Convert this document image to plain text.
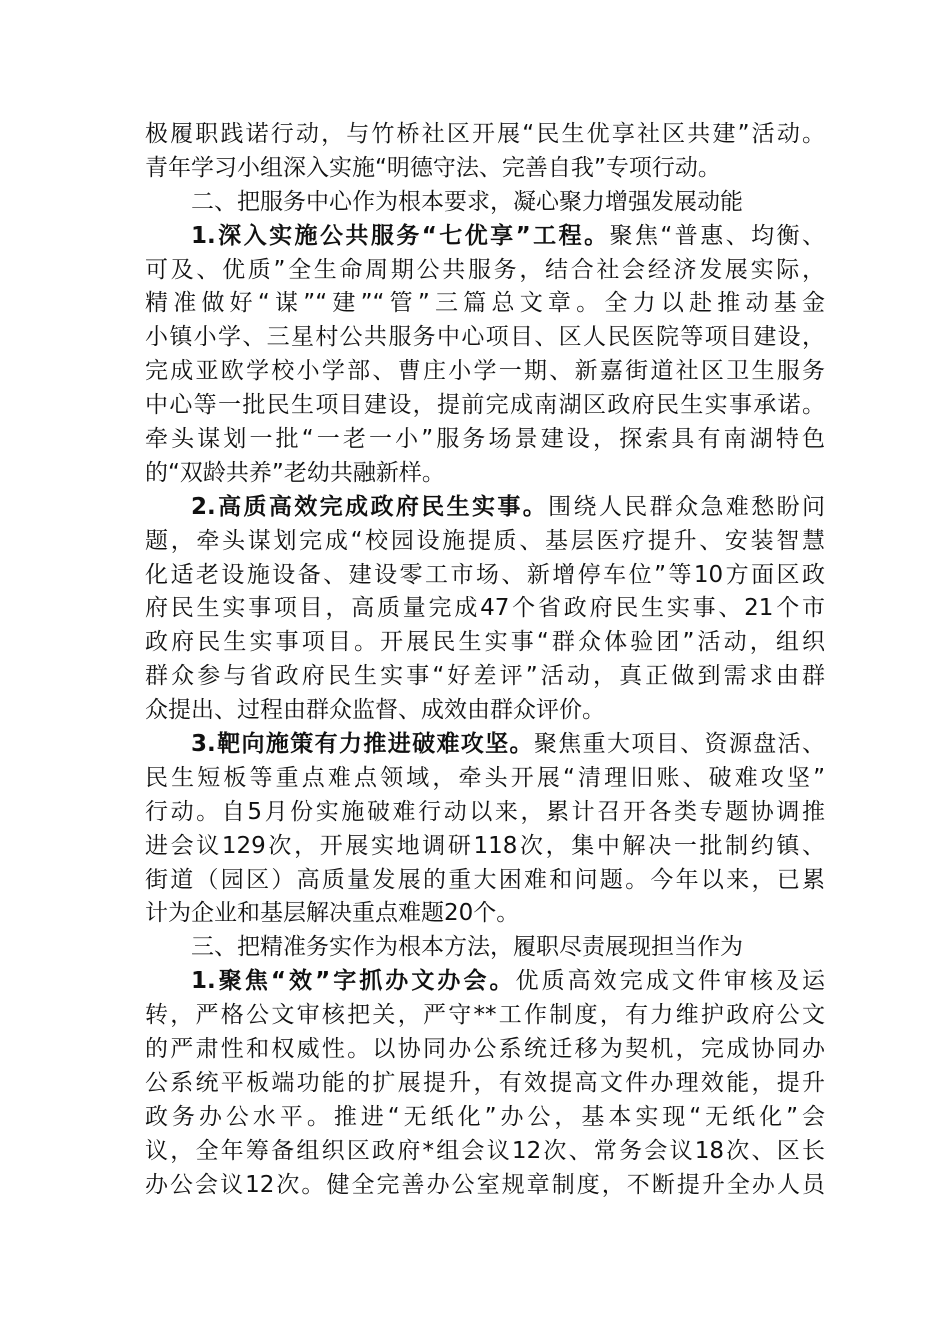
极履职践诺行动，与竹桥社区开展“民生优享社区共建”活动。
青年学习小组深入实施“明德守法、完善自我”专项行动。
二、把服务中心作为根本要求，凝心聚力增强发展动能
1.深入实施公共服务“七优享”工程。聚焦“普惠、均衡、
可及、优质”全生命周期公共服务，结合社会经济发展实际，
精准做好“谋”“建”“管”三篇总文章。全力以赴推动基金
小镇小学、三星村公共服务中心项目、区人民医院等项目建设，
完成亚欧学校小学部、曹庄小学一期、新嘉街道社区卫生服务
中心等一批民生项目建设，提前完成南湖区政府民生实事承诺。
牵头谋划一批“一老一小”服务场景建设，探索具有南湖特色
的“双龄共养”老幼共融新样。
2.高质高效完成政府民生实事。围绕人民群众急难愁盼问
题，牵头谋划完成“校园设施提质、基层医疗提升、安装智慧
化适老设施设备、建设零工市场、新增停车位”等10方面区政
府民生实事项目，高质量完成47个省政府民生实事、21个市
政府民生实事项目。开展民生实事“群众体验团”活动，组织
群众参与省政府民生实事“好差评”活动，真正做到需求由群
众提出、过程由群众监督、成效由群众评价。
3.靶向施策有力推进破难攻坚。聚焦重大项目、资源盘活、
民生短板等重点难点领域，牵头开展“清理旧账、破难攻坚”
行动。自5月份实施破难行动以来，累计召开各类专题协调推
进会议129次，开展实地调研118次，集中解决一批制约镇、
街道（园区）高质量发展的重大困难和问题。今年以来，已累
计为企业和基层解决重点难题20个。
三、把精准务实作为根本方法，履职尽责展现担当作为
1.聚焦“效”字抓办文办会。优质高效完成文件审核及运
转，严格公文审核把关，严守**工作制度，有力维护政府公文
的严肃性和权威性。以协同办公系统迁移为契机，完成协同办
公系统平板端功能的扩展提升，有效提高文件办理效能，提升
政务办公水平。推进“无纸化”办公，基本实现“无纸化”会
议，全年筹备组织区政府*组会议12次、常务会议18次、区长
办公会议12次。健全完善办公室规章制度，不断提升全办人员
